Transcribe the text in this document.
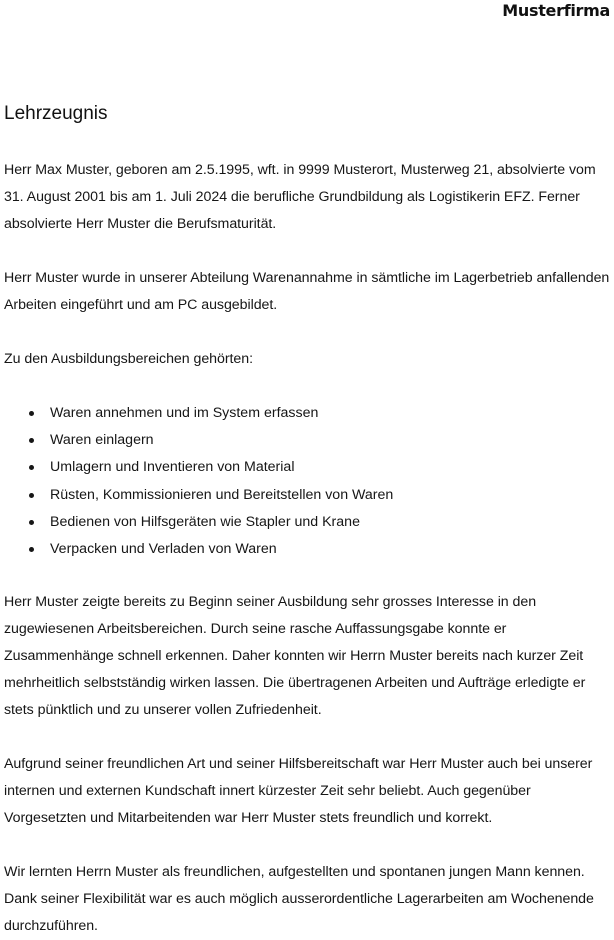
Musterfirma
Lehrzeugnis

Herr Max Muster, geboren am 2.5.1995, wft. in 9999 Musterort, Musterweg 21, absolvierte vom 31. August 2001 bis am 1. Juli 2024 die berufliche Grundbildung als Logistikerin EFZ. Ferner absolvierte Herr Muster die Berufsmaturität.

Herr Muster wurde in unserer Abteilung Warenannahme in sämtliche im Lagerbetrieb anfallenden Arbeiten eingeführt und am PC ausgebildet.

Zu den Ausbildungsbereichen gehörten:

Waren annehmen und im System erfassen
Waren einlagern
Umlagern und Inventieren von Material
Rüsten, Kommissionieren und Bereitstellen von Waren
Bedienen von Hilfsgeräten wie Stapler und Krane
Verpacken und Verladen von Waren

Herr Muster zeigte bereits zu Beginn seiner Ausbildung sehr grosses Interesse in den zugewiesenen Arbeitsbereichen. Durch seine rasche Auffassungsgabe konnte er Zusammenhänge schnell erkennen. Daher konnten wir Herrn Muster bereits nach kurzer Zeit mehrheitlich selbstständig wirken lassen. Die übertragenen Arbeiten und Aufträge erledigte er stets pünktlich und zu unserer vollen Zufriedenheit.

Aufgrund seiner freundlichen Art und seiner Hilfsbereitschaft war Herr Muster auch bei unserer internen und externen Kundschaft innert kürzester Zeit sehr beliebt. Auch gegenüber Vorgesetzten und Mitarbeitenden war Herr Muster stets freundlich und korrekt.

Wir lernten Herrn Muster als freundlichen, aufgestellten und spontanen jungen Mann kennen. Dank seiner Flexibilität war es auch möglich ausserordentliche Lagerarbeiten am Wochenende durchzuführen.
